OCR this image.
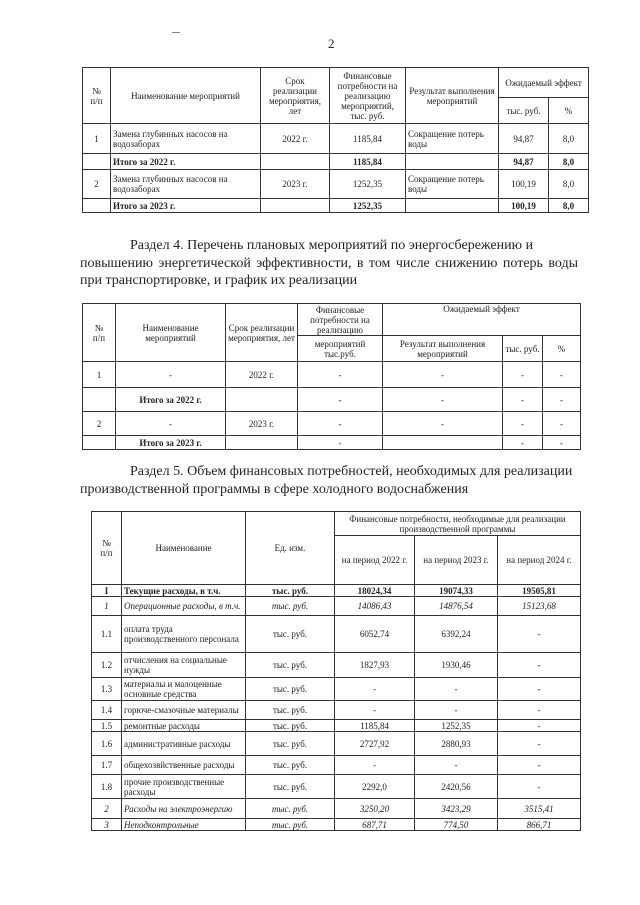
2
№
п/п	Наименование мероприятий	Срок реализации мероприятия, лет	Финансовые потребности на реализацию мероприятий, тыс. руб.	Результат выполнения мероприятий	Ожидаемый эффект	
					тыс. руб.	%
1	Замена глубинных насосов на водозаборах	2022 г.	1185,84	Сокращение потерь воды	94,87	8,0
	Итого за 2022 г.		1185,84		94,87	8,0
2	Замена глубинных насосов на водозаборах	2023 г.	1252,35	Сокращение потерь воды	100,19	8,0
	Итого за 2023 г.		1252,35		100,19	8,0
Раздел 4. Перечень плановых мероприятий по энергосбережению и
повышению энергетической эффективности, в том числе снижению потерь воды при транспортировке, и график их реализации
№
п/п	Наименование мероприятий	Срок реализации мероприятия, лет	Финансовые потребности на реализацию	Ожидаемый эффект		
			мероприятий тыс.руб.	Результат выполнения мероприятий	тыс. руб.	%
1	-	2022 г.	-	-	-	-
	Итого за 2022 г.		-	-	-	-
2	-	2023 г.	-	-	-	-
	Итого за 2023 г.		-		-	-
Раздел 5. Объем финансовых потребностей, необходимых для реализации
производственной программы в сфере холодного водоснабжения
№
п/п	Наименование	Ед. изм.	Финансовые потребности, необходимые для реализации производственной программы		
			на период 2022 г.	на период 2023 г.	на период 2024 г.
I	Текущие расходы, в т.ч.	тыс. руб.	18024,34	19074,33	19505,81
1	Операционные расходы, в т.ч.	тыс. руб.	14086,43	14876,54	15123,68
1.1	оплата труда производственного персонала	тыс. руб.	6052,74	6392,24	-
1.2	отчисления на социальные нужды	тыс. руб.	1827,93	1930,46	-
1.3	материалы и малоценные основные средства	тыс. руб.	-	-	-
1.4	горюче-смазочные материалы	тыс. руб.	-	-	-
1.5	ремонтные расходы	тыс. руб.	1185,84	1252,35	-
1.6	административные расходы	тыс. руб.	2727,92	2880,93	-
1.7	общехозяйственные расходы	тыс. руб.	-	-	-
1.8	прочие производственные расходы	тыс. руб.	2292,0	2420,56	-
2	Расходы на электроэнергию	тыс. руб.	3250,20	3423,29	3515,41
3	Неподконтрольные	тыс. руб.	687,71	774,50	866,71
